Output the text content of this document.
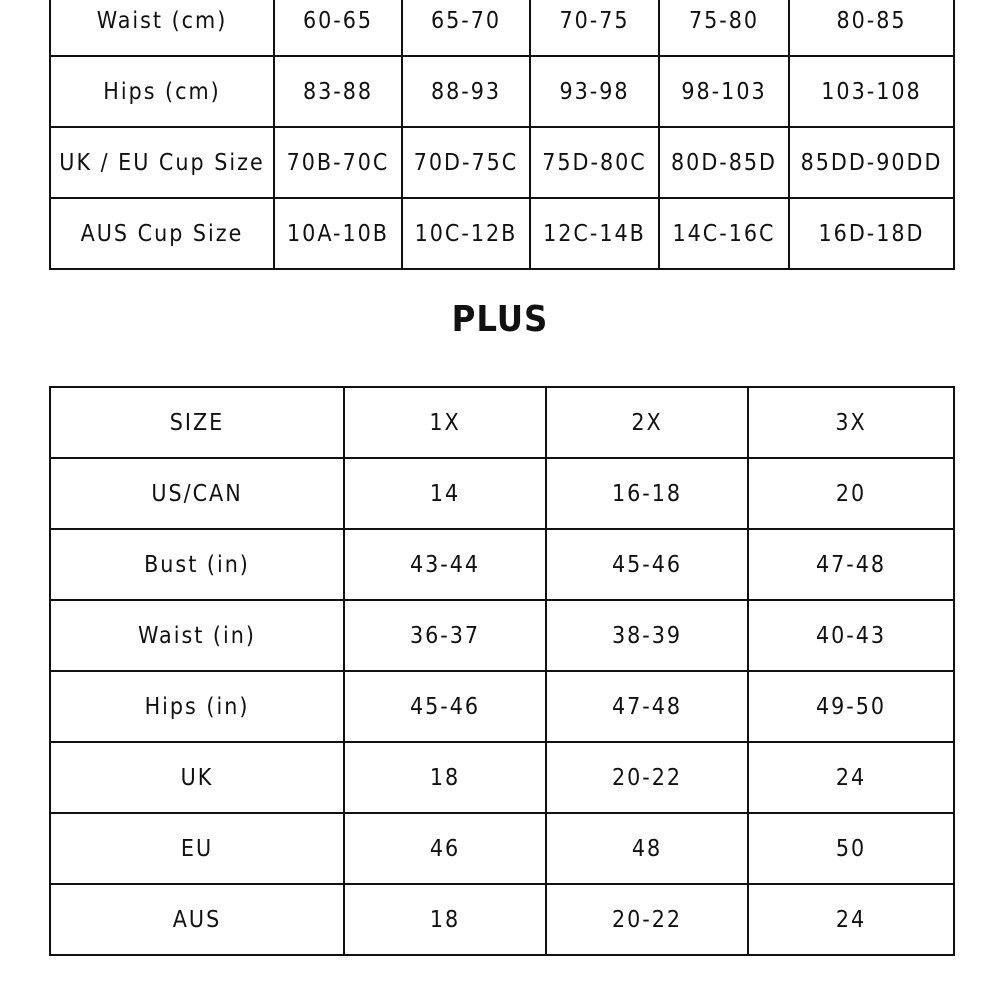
Waist (cm)	60-65	65-70	70-75	75-80	80-85
Hips (cm)	83-88	88-93	93-98	98-103	103-108
UK / EU Cup Size	70B-70C	70D-75C	75D-80C	80D-85D	85DD-90DD
AUS Cup Size	10A-10B	10C-12B	12C-14B	14C-16C	16D-18D
PLUS
SIZE	1X	2X	3X
US/CAN	14	16-18	20
Bust (in)	43-44	45-46	47-48
Waist (in)	36-37	38-39	40-43
Hips (in)	45-46	47-48	49-50
UK	18	20-22	24
EU	46	48	50
AUS	18	20-22	24
